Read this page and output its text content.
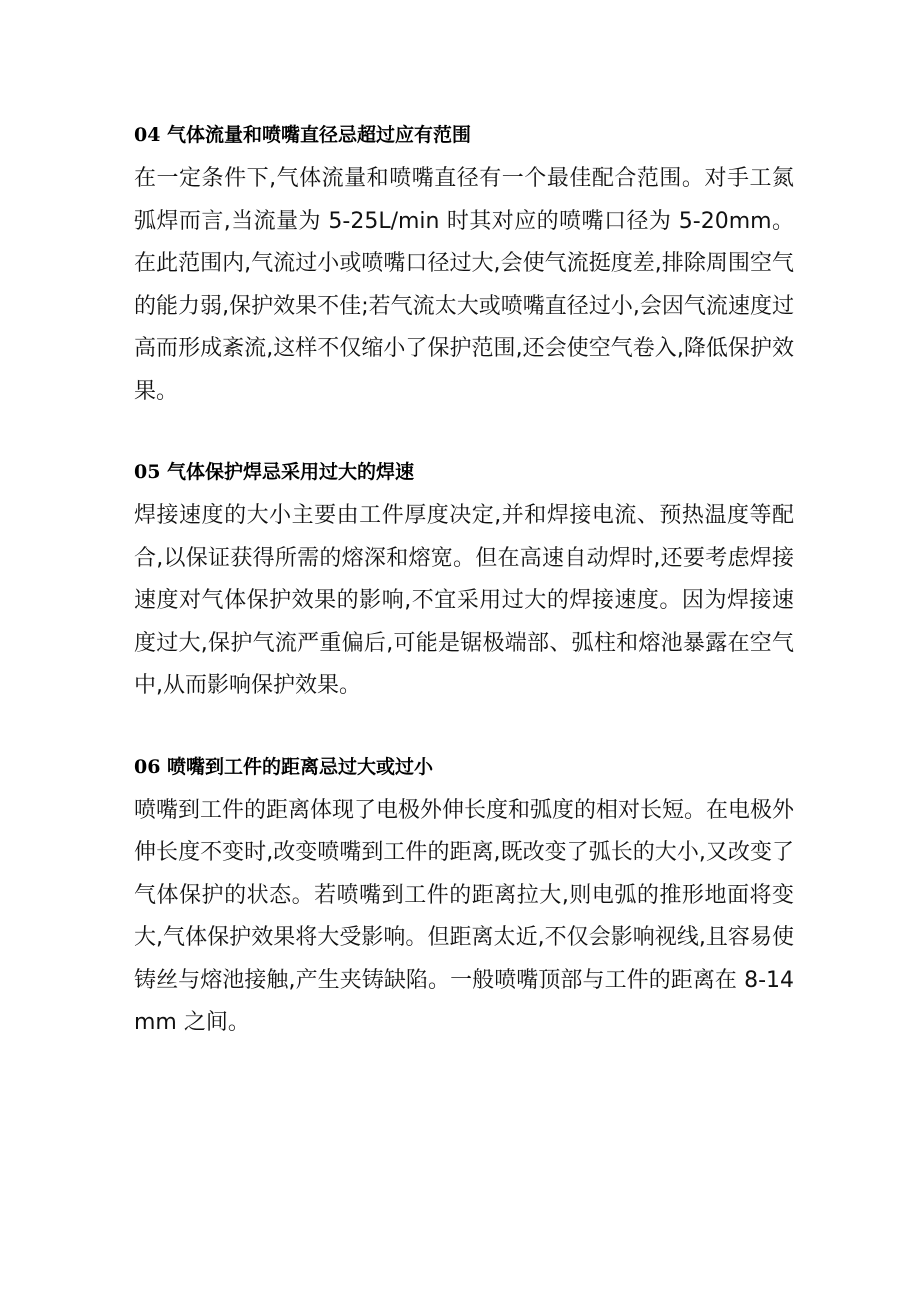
04 气体流量和喷嘴直径忌超过应有范围

在一定条件下,气体流量和喷嘴直径有一个最佳配合范围。对手工氮弧焊而言,当流量为 5-25L/min 时其对应的喷嘴口径为 5-20mm。在此范围内,气流过小或喷嘴口径过大,会使气流挺度差,排除周围空气的能力弱,保护效果不佳;若气流太大或喷嘴直径过小,会因气流速度过高而形成紊流,这样不仅缩小了保护范围,还会使空气卷入,降低保护效果。

05 气体保护焊忌采用过大的焊速

焊接速度的大小主要由工件厚度决定,并和焊接电流、预热温度等配合,以保证获得所需的熔深和熔宽。但在高速自动焊时,还要考虑焊接速度对气体保护效果的影响,不宜采用过大的焊接速度。因为焊接速度过大,保护气流严重偏后,可能是锯极端部、弧柱和熔池暴露在空气中,从而影响保护效果。

06 喷嘴到工件的距离忌过大或过小

喷嘴到工件的距离体现了电极外伸长度和弧度的相对长短。在电极外伸长度不变时,改变喷嘴到工件的距离,既改变了弧长的大小,又改变了气体保护的状态。若喷嘴到工件的距离拉大,则电弧的推形地面将变大,气体保护效果将大受影响。但距离太近,不仅会影响视线,且容易使铸丝与熔池接触,产生夹铸缺陷。一般喷嘴顶部与工件的距离在 8-14mm 之间。
